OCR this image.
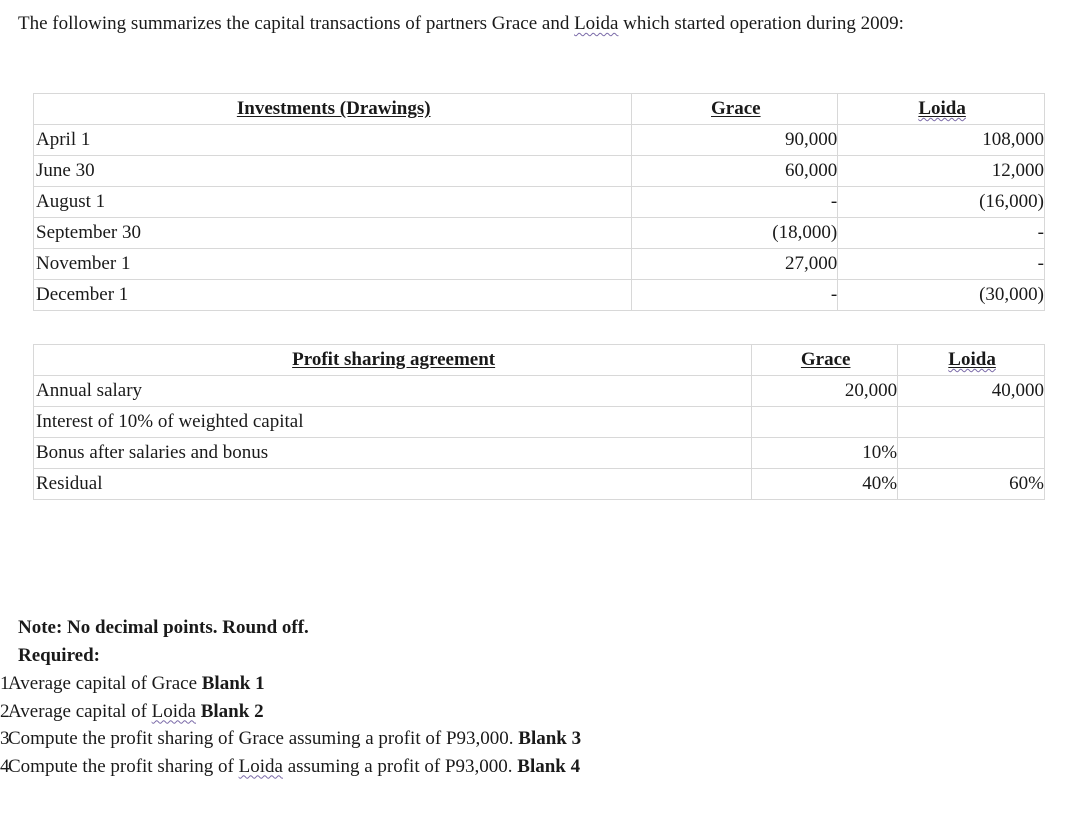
The following summarizes the capital transactions of partners Grace and Loida which started operation during 2009:
Investments (Drawings)	Grace	Loida
April 1	90,000	108,000
June 30	60,000	12,000
August 1	-	(16,000)
September 30	(18,000)	-
November 1	27,000	-
December 1	-	(30,000)
Profit sharing agreement	Grace	Loida
Annual salary	20,000	40,000
Interest of 10% of weighted capital		
Bonus after salaries and bonus	10%	
Residual	40%	60%
Note: No decimal points. Round off.
Required:
1Average capital of Grace Blank 1
2Average capital of Loida Blank 2
3Compute the profit sharing of Grace assuming a profit of P93,000. Blank 3
4Compute the profit sharing of Loida assuming a profit of P93,000. Blank 4
